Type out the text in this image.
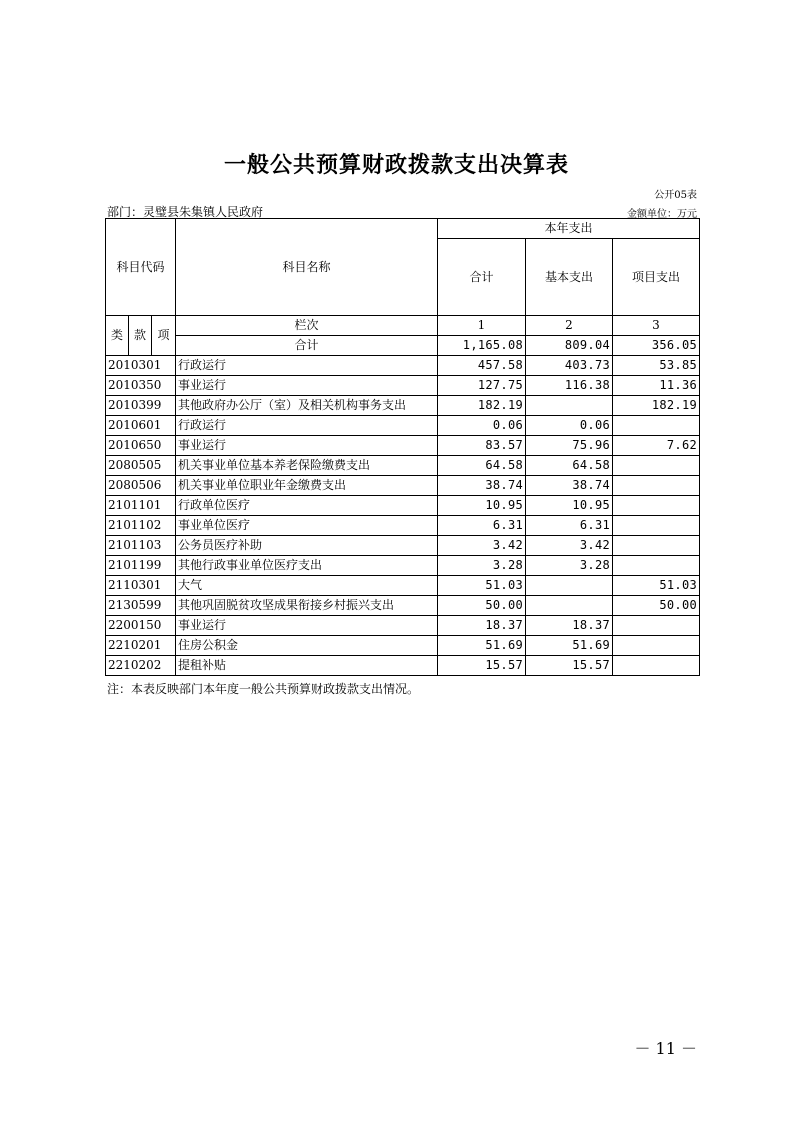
一般公共预算财政拨款支出决算表
公开05表
部门：灵璧县朱集镇人民政府	金额单位：万元
科目代码			科目名称	本年支出		
				合计	基本支出	项目支出
类	款	项	栏次	1	2	3
			合计	1,165.08	809.04	356.05
2010301			行政运行	457.58	403.73	53.85
2010350			事业运行	127.75	116.38	11.36
2010399			其他政府办公厅（室）及相关机构事务支出	182.19		182.19
2010601			行政运行	0.06	0.06	
2010650			事业运行	83.57	75.96	7.62
2080505			机关事业单位基本养老保险缴费支出	64.58	64.58	
2080506			机关事业单位职业年金缴费支出	38.74	38.74	
2101101			行政单位医疗	10.95	10.95	
2101102			事业单位医疗	6.31	6.31	
2101103			公务员医疗补助	3.42	3.42	
2101199			其他行政事业单位医疗支出	3.28	3.28	
2110301			大气	51.03		51.03
2130599			其他巩固脱贫攻坚成果衔接乡村振兴支出	50.00		50.00
2200150			事业运行	18.37	18.37	
2210201			住房公积金	51.69	51.69	
2210202			提租补贴	15.57	15.57	
注：本表反映部门本年度一般公共预算财政拨款支出情况。
－ 11 －
